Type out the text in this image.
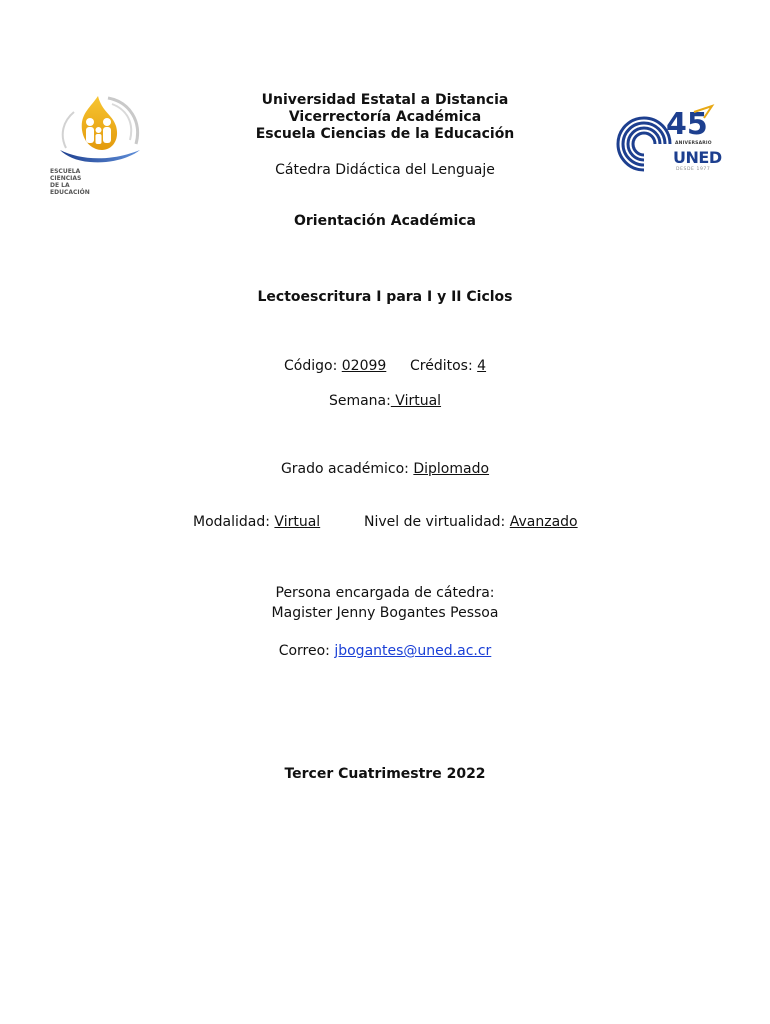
ESCUELA CIENCIAS
DE LA EDUCACIÓN
45
ANIVERSARIO
UNED
DESDE 1977
Universidad Estatal a Distancia
Vicerrectoría Académica
Escuela Ciencias de la Educación
Cátedra Didáctica del Lenguaje
Orientación Académica
Lectoescritura I para I y II Ciclos
Código: 02099 Créditos: 4
Semana: Virtual
Grado académico: Diplomado
Modalidad: Virtual	Nivel de virtualidad: Avanzado
Persona encargada de cátedra:
Magister Jenny Bogantes Pessoa
Correo: jbogantes@uned.ac.cr
Tercer Cuatrimestre 2022
